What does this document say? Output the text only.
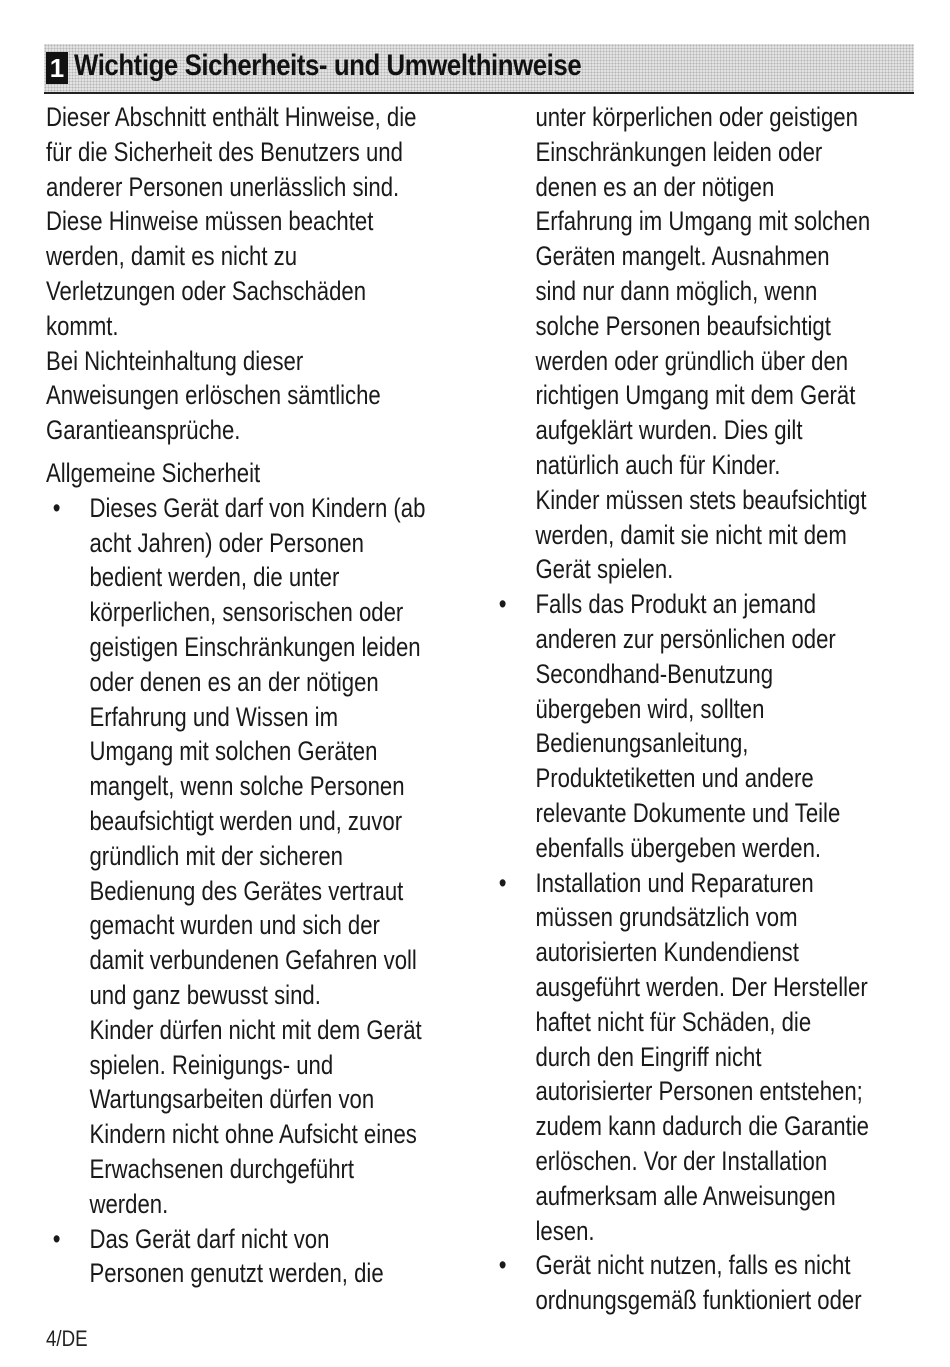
1 Wichtige Sicherheits- und Umwelthinweise

Dieser Abschnitt enthält Hinweise, die
für die Sicherheit des Benutzers und
anderer Personen unerlässlich sind.
Diese Hinweise müssen beachtet
werden, damit es nicht zu
Verletzungen oder Sachschäden
kommt.

Bei Nichteinhaltung dieser
Anweisungen erlöschen sämtliche
Garantieansprüche.

Allgemeine Sicherheit
• Dieses Gerät darf von Kindern (ab
acht Jahren) oder Personen
bedient werden, die unter
körperlichen, sensorischen oder
geistigen Einschränkungen leiden
oder denen es an der nötigen
Erfahrung und Wissen im
Umgang mit solchen Geräten
mangelt, wenn solche Personen
beaufsichtigt werden und, zuvor
gründlich mit der sicheren
Bedienung des Gerätes vertraut
gemacht wurden und sich der
damit verbundenen Gefahren voll
und ganz bewusst sind.
Kinder dürfen nicht mit dem Gerät
spielen. Reinigungs- und
Wartungsarbeiten dürfen von
Kindern nicht ohne Aufsicht eines
Erwachsenen durchgeführt
werden.
• Das Gerät darf nicht von
Personen genutzt werden, die

unter körperlichen oder geistigen
Einschränkungen leiden oder
denen es an der nötigen
Erfahrung im Umgang mit solchen
Geräten mangelt. Ausnahmen
sind nur dann möglich, wenn
solche Personen beaufsichtigt
werden oder gründlich über den
richtigen Umgang mit dem Gerät
aufgeklärt wurden. Dies gilt
natürlich auch für Kinder.
Kinder müssen stets beaufsichtigt
werden, damit sie nicht mit dem
Gerät spielen.

• Falls das Produkt an jemand
anderen zur persönlichen oder
Secondhand-Benutzung
übergeben wird, sollten
Bedienungsanleitung,
Produktetiketten und andere
relevante Dokumente und Teile
ebenfalls übergeben werden.
• Installation und Reparaturen
müssen grundsätzlich vom
autorisierten Kundendienst
ausgeführt werden. Der Hersteller
haftet nicht für Schäden, die
durch den Eingriff nicht
autorisierter Personen entstehen;
zudem kann dadurch die Garantie
erlöschen. Vor der Installation
aufmerksam alle Anweisungen
lesen.
• Gerät nicht nutzen, falls es nicht
ordnungsgemäß funktioniert oder
4/DE
